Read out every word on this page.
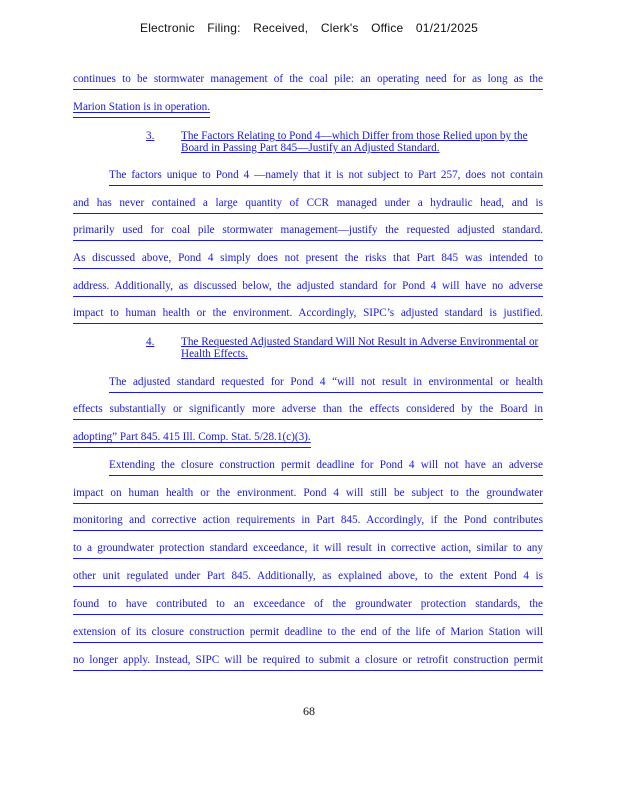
Electronic Filing: Received, Clerk's Office 01/21/2025
continues to be stormwater management of the coal pile: an operating need for as long as the
Marion Station is in operation.
3. The Factors Relating to Pond 4—which Differ from those Relied upon by the Board in Passing Part 845—Justify an Adjusted Standard.
The factors unique to Pond 4 —namely that it is not subject to Part 257, does not contain
and has never contained a large quantity of CCR managed under a hydraulic head, and is
primarily used for coal pile stormwater management—justify the requested adjusted standard.
As discussed above, Pond 4 simply does not present the risks that Part 845 was intended to
address. Additionally, as discussed below, the adjusted standard for Pond 4 will have no adverse
impact to human health or the environment. Accordingly, SIPC’s adjusted standard is justified.
4. The Requested Adjusted Standard Will Not Result in Adverse Environmental or Health Effects.
The adjusted standard requested for Pond 4 “will not result in environmental or health
effects substantially or significantly more adverse than the effects considered by the Board in
adopting” Part 845. 415 Ill. Comp. Stat. 5/28.1(c)(3).
Extending the closure construction permit deadline for Pond 4 will not have an adverse
impact on human health or the environment. Pond 4 will still be subject to the groundwater
monitoring and corrective action requirements in Part 845. Accordingly, if the Pond contributes
to a groundwater protection standard exceedance, it will result in corrective action, similar to any
other unit regulated under Part 845. Additionally, as explained above, to the extent Pond 4 is
found to have contributed to an exceedance of the groundwater protection standards, the
extension of its closure construction permit deadline to the end of the life of Marion Station will
no longer apply. Instead, SIPC will be required to submit a closure or retrofit construction permit
68
